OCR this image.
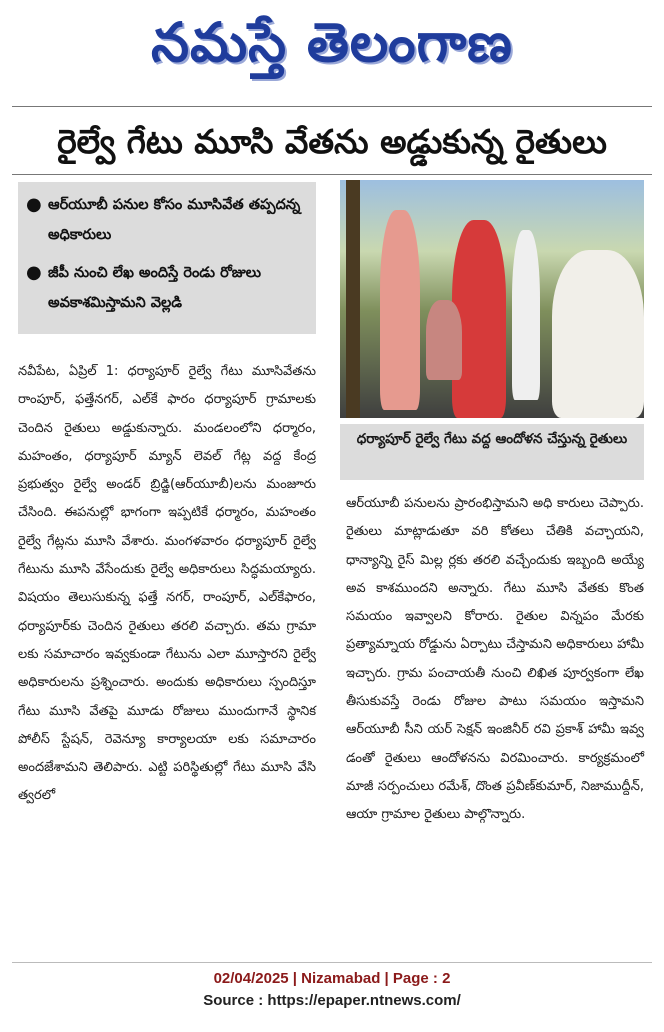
నమస్తే తెలంగాణ
రైల్వే గేటు మూసి వేతను అడ్డుకున్న రైతులు
● ఆర్‌యూబీ పనుల కోసం మూసివేత తప్పదన్న అధికారులు
● జీపీ నుంచి లేఖ అందిస్తే రెండు రోజులు అవకాశమిస్తామని వెల్లడి
ధర్యాపూర్ రైల్వే గేటు వద్ద ఆందోళన చేస్తున్న రైతులు

నవీపేట, ఏప్రిల్ 1: ధర్యాపూర్ రైల్వే గేటు మూసివేతను రాంపూర్, ఫత్తేనగర్, ఎల్‌కే ఫారం ధర్యాపూర్ గ్రామాలకు చెందిన రైతులు అడ్డుకున్నారు. మండలంలోని ధర్మారం, మహంతం, ధర్యాపూర్ మ్యాన్ లెవల్ గేట్ల వద్ద కేంద్ర ప్రభుత్వం రైల్వే అండర్ బ్రిడ్జి(ఆర్‌యూబీ)లను మంజూరు చేసింది. ఈపనుల్లో భాగంగా ఇప్పటికే ధర్మారం, మహంతం రైల్వే గేట్లను మూసి వేశారు. మంగళవారం ధర్యాపూర్ రైల్వే గేటును మూసి వేసేందుకు రైల్వే అధికారులు సిద్ధమయ్యారు. విషయం తెలుసుకున్న ఫత్తే నగర్, రాంపూర్, ఎల్‌కేఫారం, ధర్యాపూర్‌కు చెందిన రైతులు తరలి వచ్చారు. తమ గ్రామా లకు సమాచారం ఇవ్వకుండా గేటును ఎలా మూస్తారని రైల్వే అధికారులను ప్రశ్నించారు. అందుకు అధికారులు స్పందిస్తూ గేటు మూసి వేతపై మూడు రోజులు ముందుగానే స్థానిక పోలీస్ స్టేషన్, రెవెన్యూ కార్యాలయా లకు సమాచారం అందజేశామని తెలిపారు. ఎట్టి పరిస్థితుల్లో గేటు మూసి వేసి త్వరలో

ఆర్‌యూబీ పనులను ప్రారంభిస్తామని అధి కారులు చెప్పారు. రైతులు మాట్లాడుతూ వరి కోతలు చేతికి వచ్చాయని, ధాన్యాన్ని రైస్ మిల్ల ర్లకు తరలి వచ్చేందుకు ఇబ్బంది అయ్యే అవ కాశముందని అన్నారు. గేటు మూసి వేతకు కొంత సమయం ఇవ్వాలని కోరారు. రైతుల విన్నపం మేరకు ప్రత్యామ్నాయ రోడ్డును ఏర్పాటు చేస్తామని అధికారులు హామీ ఇచ్చారు. గ్రామ పంచాయతీ నుంచి లిఖిత పూర్వకంగా లేఖ తీసుకువస్తే రెండు రోజుల పాటు సమయం ఇస్తామని ఆర్‌యూబీ సీని యర్ సెక్షన్ ఇంజినీర్ రవి ప్రకాశ్ హామీ ఇవ్వ డంతో రైతులు ఆందోళనను విరమించారు. కార్యక్రమంలో మాజీ సర్పంచులు రమేశ్, దొంత ప్రవీణ్‌కుమార్, నిజాముద్దీన్, ఆయా గ్రామాల రైతులు పాల్గొన్నారు.

02/04/2025 | Nizamabad | Page : 2
Source : https://epaper.ntnews.com/
